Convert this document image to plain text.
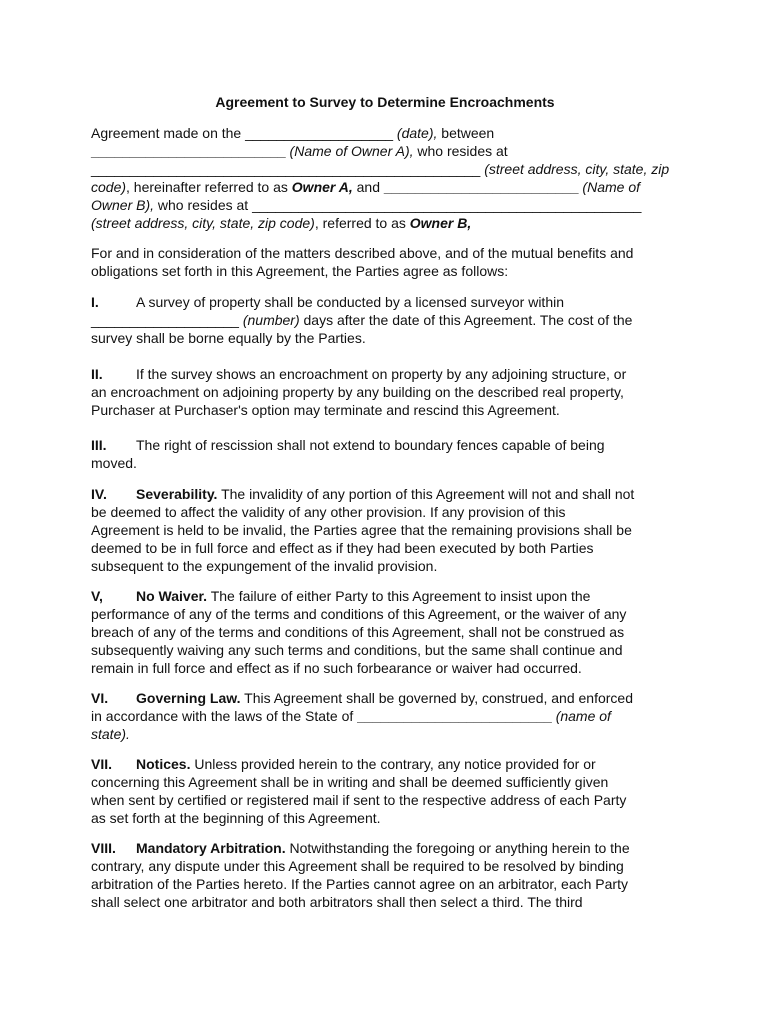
Agreement to Survey to Determine Encroachments
Agreement made on the ___________________ (date), between
_________________________ (Name of Owner A), who resides at
__________________________________________________ (street address, city, state, zip
code), hereinafter referred to as Owner A, and _________________________ (Name of
Owner B), who resides at __________________________________________________
(street address, city, state, zip code), referred to as Owner B,
For and in consideration of the matters described above, and of the mutual benefits and
obligations set forth in this Agreement, the Parties agree as follows:
I.	A survey of property shall be conducted by a licensed surveyor within
___________________ (number) days after the date of this Agreement. The cost of the
survey shall be borne equally by the Parties.
II. If the survey shows an encroachment on property by any adjoining structure, or
an encroachment on adjoining property by any building on the described real property,
Purchaser at Purchaser's option may terminate and rescind this Agreement.
III. The right of rescission shall not extend to boundary fences capable of being
moved.
IV. Severability. The invalidity of any portion of this Agreement will not and shall not
be deemed to affect the validity of any other provision. If any provision of this
Agreement is held to be invalid, the Parties agree that the remaining provisions shall be
deemed to be in full force and effect as if they had been executed by both Parties
subsequent to the expungement of the invalid provision.
V, No Waiver. The failure of either Party to this Agreement to insist upon the
performance of any of the terms and conditions of this Agreement, or the waiver of any
breach of any of the terms and conditions of this Agreement, shall not be construed as
subsequently waiving any such terms and conditions, but the same shall continue and
remain in full force and effect as if no such forbearance or waiver had occurred.
VI. Governing Law. This Agreement shall be governed by, construed, and enforced
in accordance with the laws of the State of _________________________ (name of
state).
VII. Notices. Unless provided herein to the contrary, any notice provided for or
concerning this Agreement shall be in writing and shall be deemed sufficiently given
when sent by certified or registered mail if sent to the respective address of each Party
as set forth at the beginning of this Agreement.
VIII. Mandatory Arbitration. Notwithstanding the foregoing or anything herein to the
contrary, any dispute under this Agreement shall be required to be resolved by binding
arbitration of the Parties hereto. If the Parties cannot agree on an arbitrator, each Party
shall select one arbitrator and both arbitrators shall then select a third. The third
